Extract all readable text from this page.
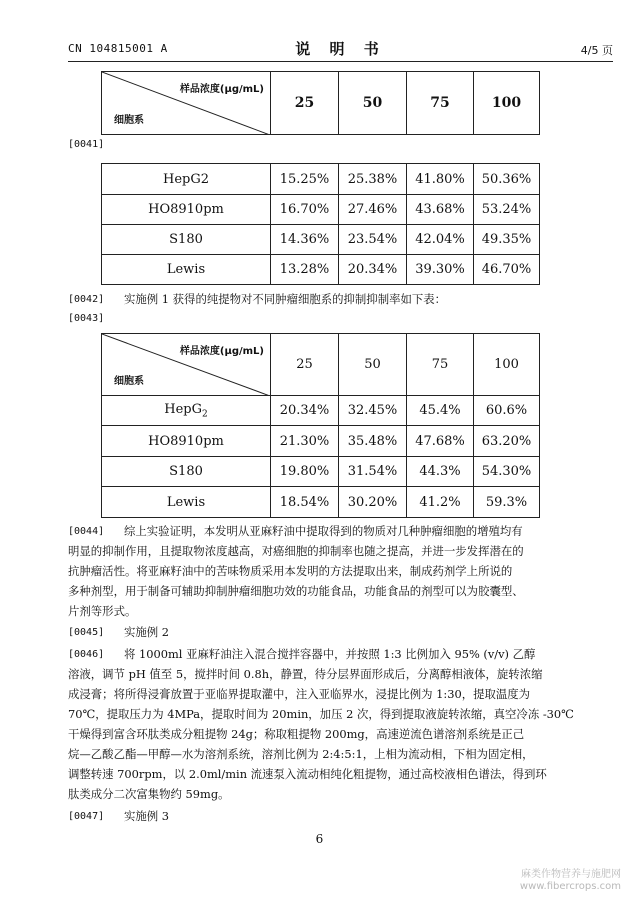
CN 104815001 A	说 明 书	4/5 页
样品浓度(μg/mL)
细胞系
	25	50	75	100
[0041]
HepG2	15.25%	25.38%	41.80%	50.36%
HO8910pm	16.70%	27.46%	43.68%	53.24%
S180	14.36%	23.54%	42.04%	49.35%
Lewis	13.28%	20.34%	39.30%	46.70%
[0042] 实施例 1 获得的纯提物对不同肿瘤细胞系的抑制抑制率如下表：
[0043]
样品浓度(μg/mL)
细胞系	25	50	75	100
HepG$_2$	20.34%	32.45%	45.4%	60.6%
HO8910pm	21.30%	35.48%	47.68%	63.20%
S180	19.80%	31.54%	44.3%	54.30%
Lewis	18.54%	30.20%	41.2%	59.3%
[0044] 综上实验证明，本发明从亚麻籽油中提取得到的物质对几种肿瘤细胞的增殖均有
明显的抑制作用，且提取物浓度越高，对癌细胞的抑制率也随之提高，并进一步发挥潜在的
抗肿瘤活性。将亚麻籽油中的苦味物质采用本发明的方法提取出来，制成药剂学上所说的
多种剂型，用于制备可辅助抑制肿瘤细胞功效的功能食品，功能食品的剂型可以为胶囊型、
片剂等形式。
[0045] 实施例 2
[0046] 将 1000ml 亚麻籽油注入混合搅拌容器中，并按照 1:3 比例加入 95% (v/v) 乙醇
溶液，调节 pH 值至 5，搅拌时间 0.8h，静置，待分层界面形成后，分离醇相液体，旋转浓缩
成浸膏；将所得浸膏放置于亚临界提取灌中，注入亚临界水，浸提比例为 1:30，提取温度为
70℃，提取压力为 4MPa，提取时间为 20min，加压 2 次，得到提取液旋转浓缩，真空冷冻 -30℃
干燥得到富含环肽类成分粗提物 24g；称取粗提物 200mg，高速逆流色谱溶剂系统是正己
烷—乙酸乙酯—甲醇—水为溶剂系统，溶剂比例为 2:4:5:1，上相为流动相，下相为固定相，
调整转速 700rpm，以 2.0ml/min 流速泵入流动相纯化粗提物，通过高校液相色谱法，得到环
肽类成分二次富集物约 59mg。
[0047] 实施例 3
6
麻类作物营养与施肥网
www.fibercrops.com
